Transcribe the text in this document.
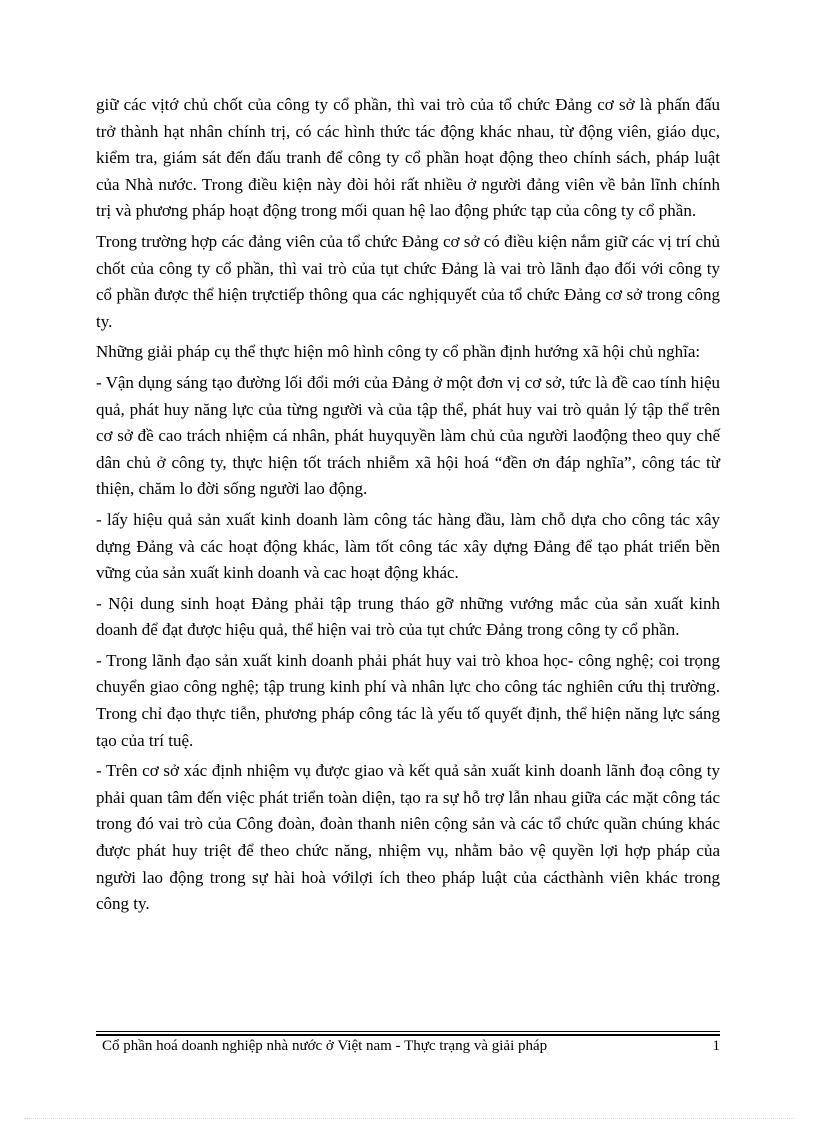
giữ các vịtớ chủ chốt của công ty cổ phần, thì vai trò của tổ chức Đảng cơ sở là phấn đấu trở thành hạt nhân chính trị, có các hình thức tác động khác nhau, từ động viên, giáo dục, kiểm tra, giám sát đến đấu tranh để công ty cổ phần hoạt động theo chính sách, pháp luật của Nhà nước. Trong điều kiện này đòi hỏi rất nhiều ở người đảng viên về bản lĩnh chính trị và phương pháp hoạt động trong mối quan hệ lao động phức tạp của công ty cổ phần.

Trong trường hợp các đảng viên của tổ chức Đảng cơ sở có điều kiện nắm giữ các vị trí chủ chốt của công ty cổ phần, thì vai trò của tụt chức Đảng là vai trò lãnh đạo đối với công ty cổ phần được thể hiện trựctiếp thông qua các nghịquyết của tổ chức Đảng cơ sở trong công ty.

Những giải pháp cụ thể thực hiện mô hình công ty cổ phần định hướng xã hội chủ nghĩa:

- Vận dụng sáng tạo đường lối đổi mới của Đảng ở một đơn vị cơ sở, tức là đề cao tính hiệu quả, phát huy năng lực của từng người và của tập thể, phát huy vai trò quản lý tập thể trên cơ sở đề cao trách nhiệm cá nhân, phát huyquyền làm chủ của người laođộng theo quy chế dân chủ ở công ty, thực hiện tốt trách nhiễm xã hội hoá “đền ơn đáp nghĩa”, công tác từ thiện, chăm lo đời sống người lao động.

- lấy hiệu quả sản xuất kinh doanh làm công tác hàng đầu, làm chỗ dựa cho công tác xây dựng Đảng và các hoạt động khác, làm tốt công tác xây dựng Đảng để tạo phát triển bền vững của sản xuất kinh doanh và cac hoạt động khác.

- Nội dung sinh hoạt Đảng phải tập trung tháo gỡ những vướng mắc của sản xuất kinh doanh để đạt được hiệu quả, thể hiện vai trò của tụt chức Đảng trong công ty cổ phần.

- Trong lãnh đạo sản xuất kinh doanh phải phát huy vai trò khoa học- công nghệ; coi trọng chuyển giao công nghệ; tập trung kinh phí và nhân lực cho công tác nghiên cứu thị trường. Trong chỉ đạo thực tiễn, phương pháp công tác là yếu tố quyết định, thể hiện năng lực sáng tạo của trí tuệ.

- Trên cơ sở xác định nhiệm vụ được giao và kết quả sản xuất kinh doanh lãnh đoạ công ty phải quan tâm đến việc phát triển toàn diện, tạo ra sự hỗ trợ lẫn nhau giữa các mặt công tác trong đó vai trò của Công đoàn, đoàn thanh niên cộng sản và các tổ chức quần chúng khác được phát huy triệt để theo chức năng, nhiệm vụ, nhằm bảo vệ quyền lợi hợp pháp của người lao động trong sự hài hoà vớilợi ích theo pháp luật của cácthành viên khác trong công ty.

Cổ phần hoá doanh nghiệp nhà nước ở Việt nam - Thực trạng và giải pháp	1
